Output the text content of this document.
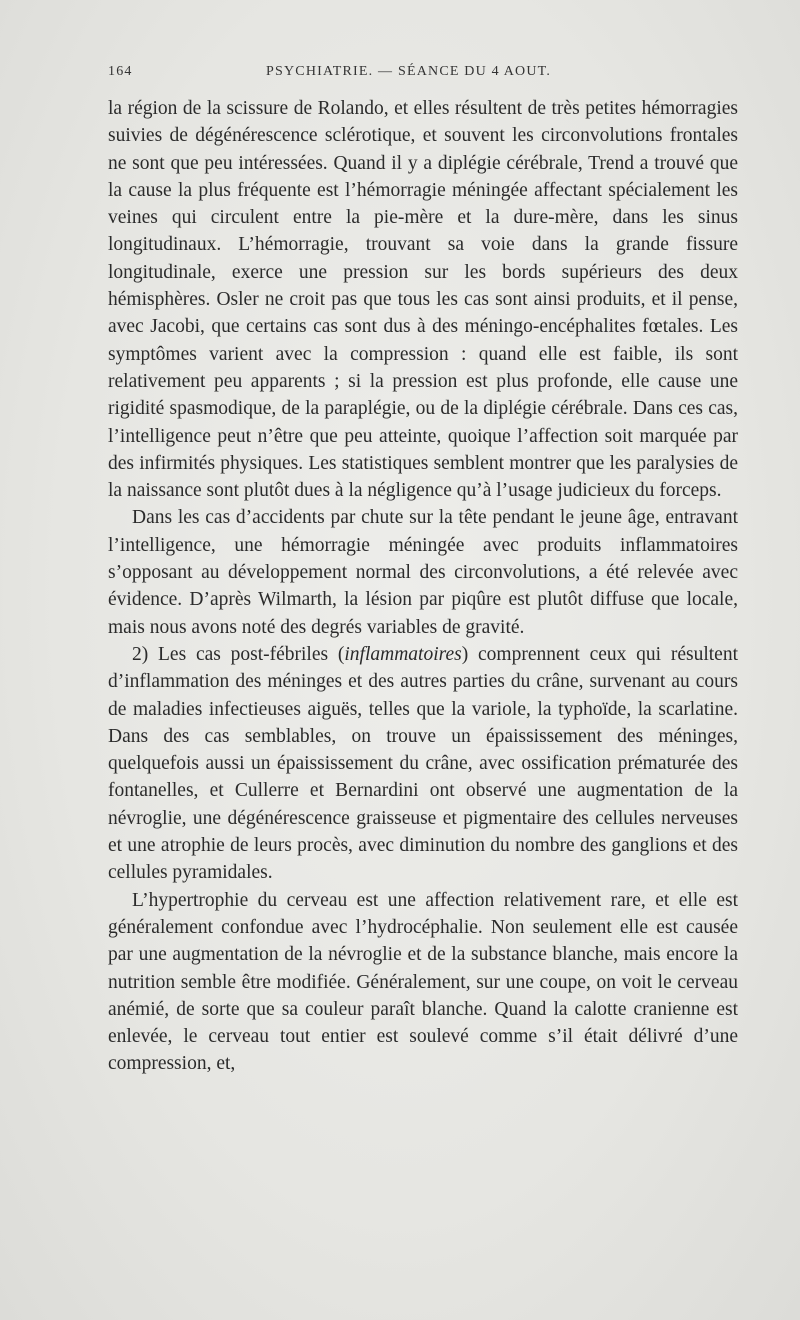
164	PSYCHIATRIE. — SÉANCE DU 4 AOUT.

la région de la scissure de Rolando, et elles résultent de très petites hémorragies suivies de dégénérescence sclérotique, et souvent les circonvolutions frontales ne sont que peu intéressées. Quand il y a diplégie cérébrale, Trend a trouvé que la cause la plus fréquente est l’hémorragie méningée affectant spécialement les veines qui circulent entre la pie-mère et la dure-mère, dans les sinus longitudinaux. L’hémorragie, trouvant sa voie dans la grande fissure longitudinale, exerce une pression sur les bords supérieurs des deux hémisphères. Osler ne croit pas que tous les cas sont ainsi produits, et il pense, avec Jacobi, que certains cas sont dus à des méningo-encéphalites fœtales. Les symptômes varient avec la compression : quand elle est faible, ils sont relativement peu apparents ; si la pression est plus profonde, elle cause une rigidité spasmodique, de la paraplégie, ou de la diplégie cérébrale. Dans ces cas, l’intelligence peut n’être que peu atteinte, quoique l’affection soit marquée par des infirmités physiques. Les statistiques semblent montrer que les paralysies de la naissance sont plutôt dues à la négligence qu’à l’usage judicieux du forceps.

Dans les cas d’accidents par chute sur la tête pendant le jeune âge, entravant l’intelligence, une hémorragie méningée avec produits inflammatoires s’opposant au développement normal des circonvolutions, a été relevée avec évidence. D’après Wilmarth, la lésion par piqûre est plutôt diffuse que locale, mais nous avons noté des degrés variables de gravité.

2) Les cas post-fébriles (inflammatoires) comprennent ceux qui résultent d’inflammation des méninges et des autres parties du crâne, survenant au cours de maladies infectieuses aiguës, telles que la variole, la typhoïde, la scarlatine. Dans des cas semblables, on trouve un épaississement des méninges, quelquefois aussi un épaississement du crâne, avec ossification prématurée des fontanelles, et Cullerre et Bernardini ont observé une augmentation de la névroglie, une dégénérescence graisseuse et pigmentaire des cellules nerveuses et une atrophie de leurs procès, avec diminution du nombre des ganglions et des cellules pyramidales.

L’hypertrophie du cerveau est une affection relativement rare, et elle est généralement confondue avec l’hydrocéphalie. Non seulement elle est causée par une augmentation de la névroglie et de la substance blanche, mais encore la nutrition semble être modifiée. Généralement, sur une coupe, on voit le cerveau anémié, de sorte que sa couleur paraît blanche. Quand la calotte cranienne est enlevée, le cerveau tout entier est soulevé comme s’il était délivré d’une compression, et,
